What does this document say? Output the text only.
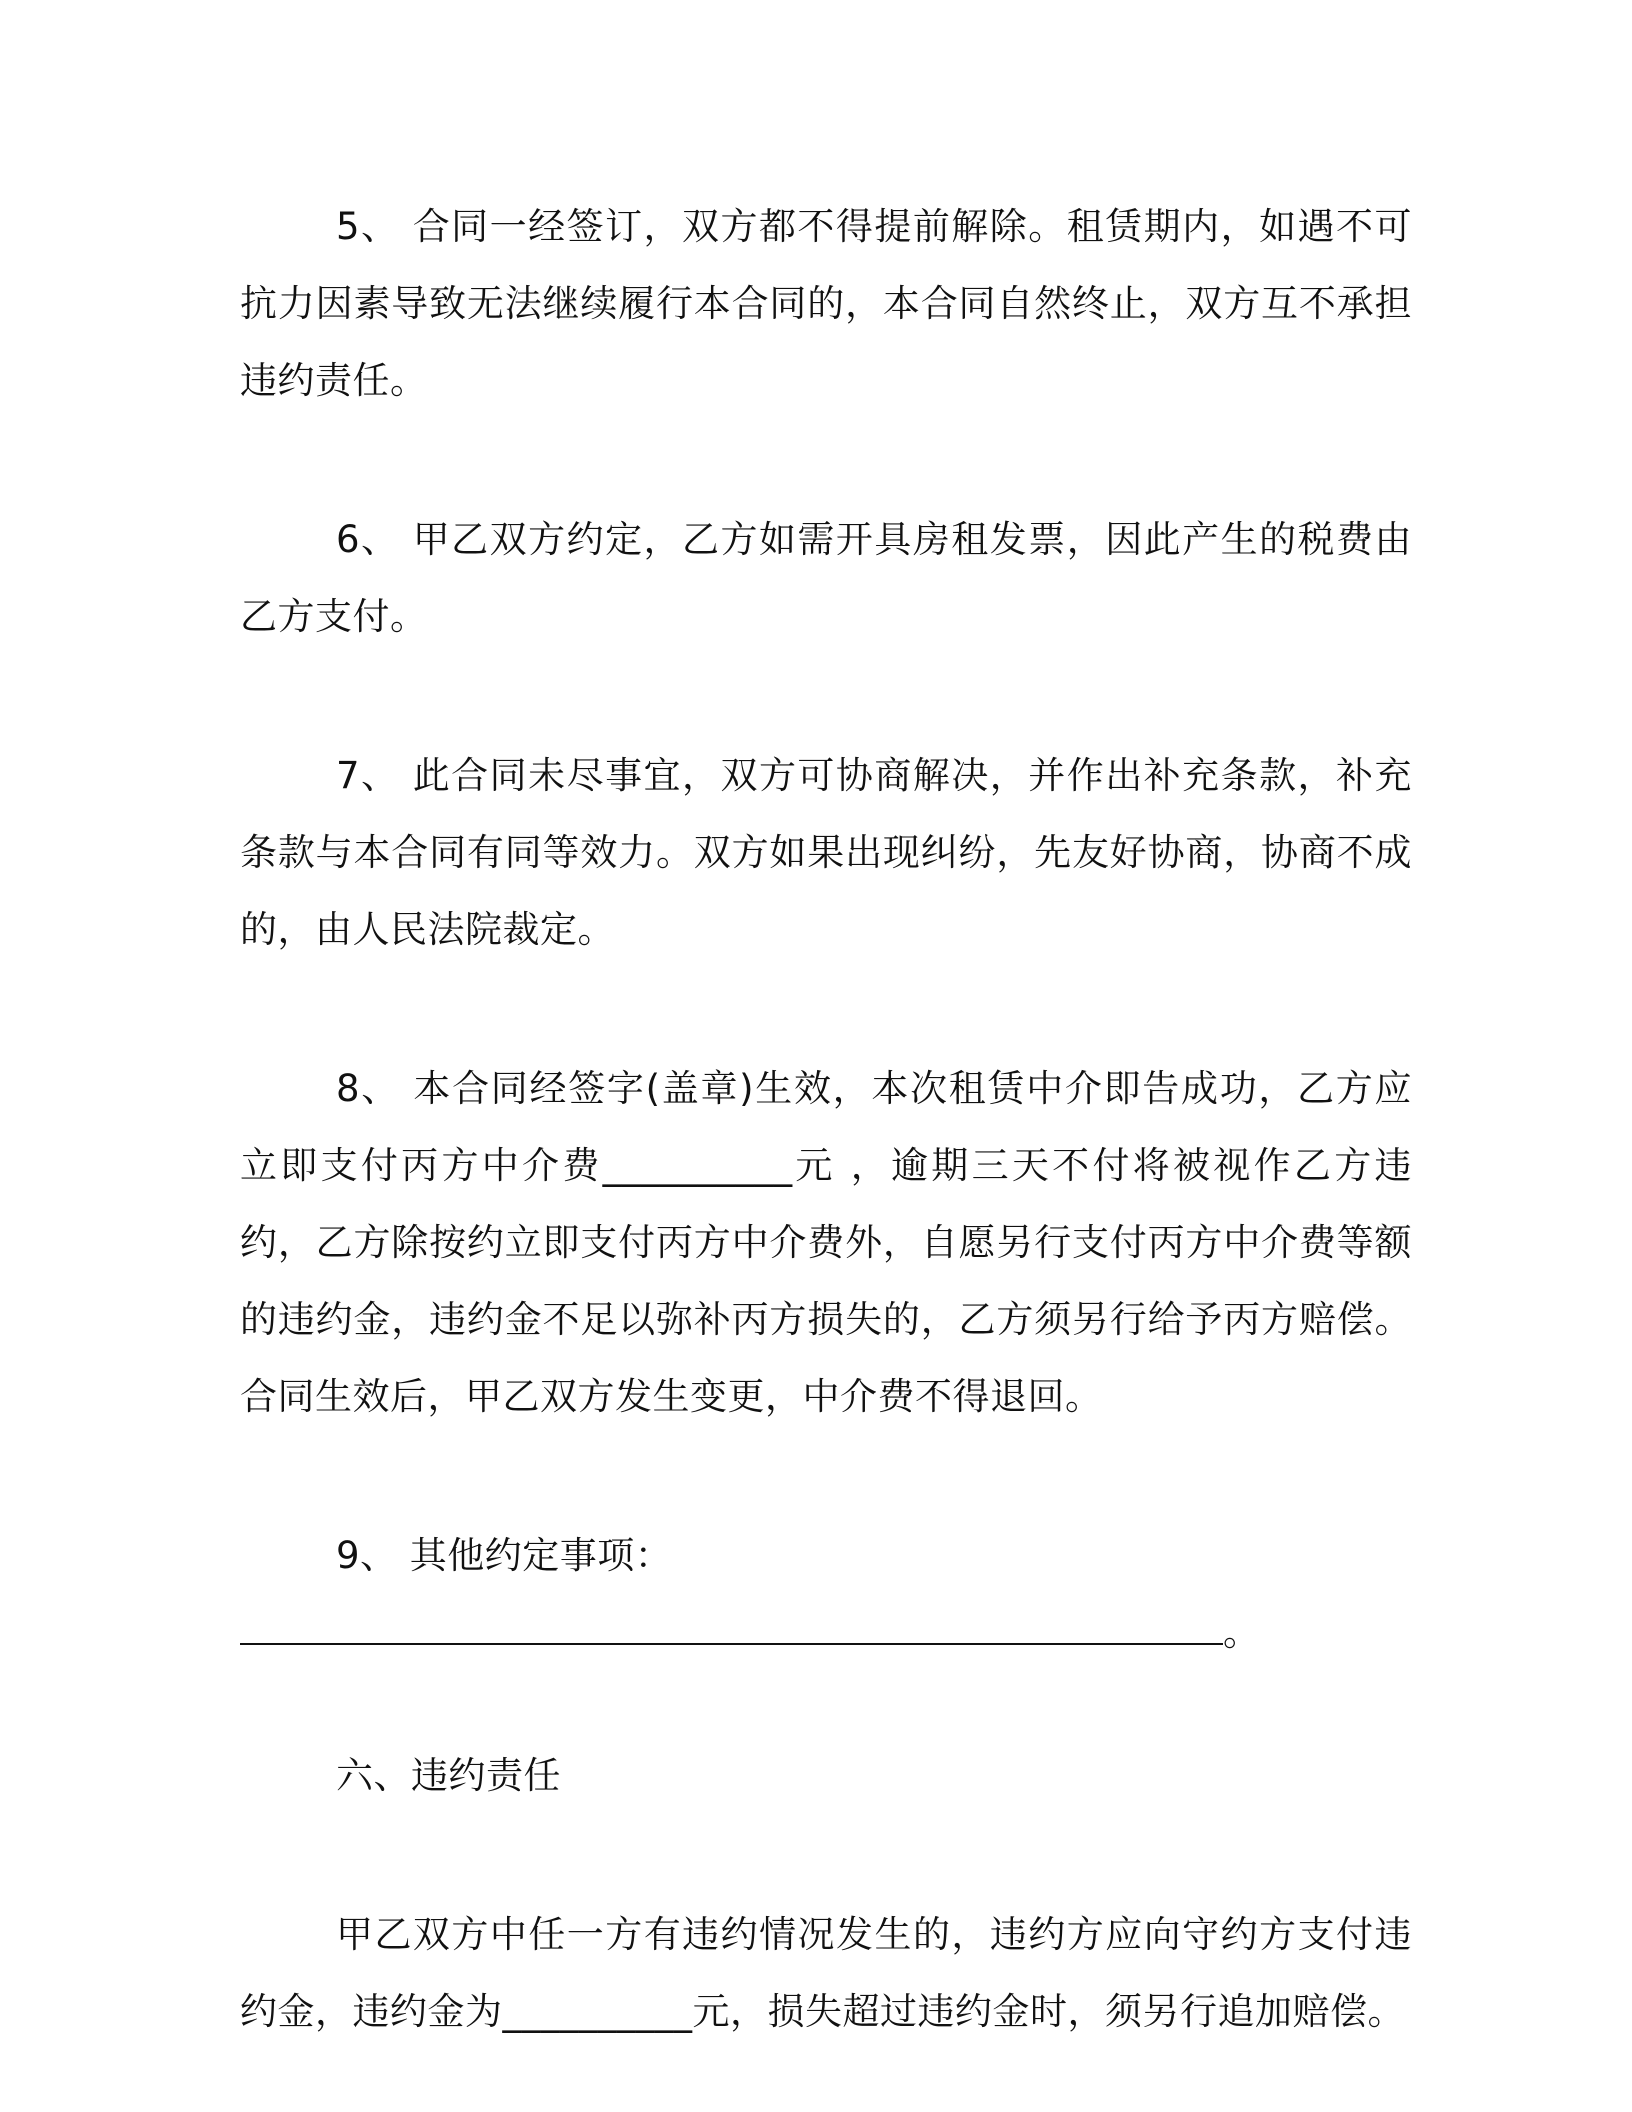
5、 合同一经签订，双方都不得提前解除。租赁期内，如遇不可抗力因素导致无法继续履行本合同的，本合同自然终止，双方互不承担违约责任。

6、 甲乙双方约定，乙方如需开具房租发票，因此产生的税费由乙方支付。

7、 此合同未尽事宜，双方可协商解决，并作出补充条款，补充条款与本合同有同等效力。双方如果出现纠纷，先友好协商，协商不成的，由人民法院裁定。

8、 本合同经签字(盖章)生效，本次租赁中介即告成功，乙方应立即支付丙方中介费__________元 ，逾期三天不付将被视作乙方违约，乙方除按约立即支付丙方中介费外，自愿另行支付丙方中介费等额的违约金，违约金不足以弥补丙方损失的，乙方须另行给予丙方赔偿。合同生效后，甲乙双方发生变更，中介费不得退回。

9、 其他约定事项：

。

六、违约责任

甲乙双方中任一方有违约情况发生的，违约方应向守约方支付违约金，违约金为__________元，损失超过违约金时，须另行追加赔偿。
